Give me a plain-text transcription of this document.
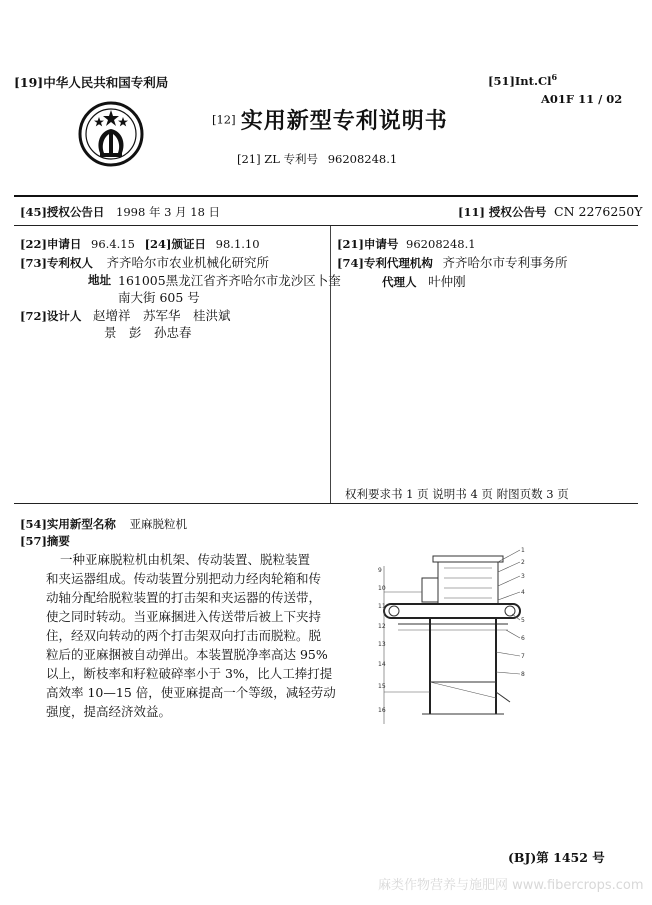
[19]中华人民共和国专利局	[51]Int.Cl$^6$
A01F 11 / 02
[12] 实用新型专利说明书
[21] ZL 专利号 96208248.1
[45]授权公告日 1998 年 3 月 18 日	[11] 授权公告号 CN 2276250Y
[22]申请日 96.4.15 [24]颁证日 98.1.10
[73]专利权人 齐齐哈尔市农业机械化研究所
地址 161005黑龙江省齐齐哈尔市龙沙区卜奎
南大街 605 号
[72]设计人 赵增祥　苏军华　桂洪斌
景　彭　孙忠春
[21]申请号 96208248.1
[74]专利代理机构 齐齐哈尔市专利事务所
代理人 叶仲刚
权利要求书 1 页 说明书 4 页 附图页数 3 页
[54]实用新型名称 亚麻脱粒机
[57]摘要

一种亚麻脱粒机由机架、传动装置、脱粒装置

和夹运器组成。传动装置分别把动力经肉轮箱和传

动轴分配给脱粒装置的打击架和夹运器的传送带，

使之同时转动。当亚麻捆进入传送带后被上下夹持

住，经双向转动的两个打击架双向打击而脱粒。脱

粒后的亚麻捆被自动弹出。本装置脱净率高达 95%

以上，断枝率和籽粒破碎率小于 3%，比人工捧打提

高效率 10—15 倍，使亚麻提高一个等级，减轻劳动

强度，提高经济效益。

1
2
3
4
5
6
7
8
9
10
11
12
13
14
15
16
(BJ)第 1452 号
麻类作物营养与施肥网 www.fibercrops.com
